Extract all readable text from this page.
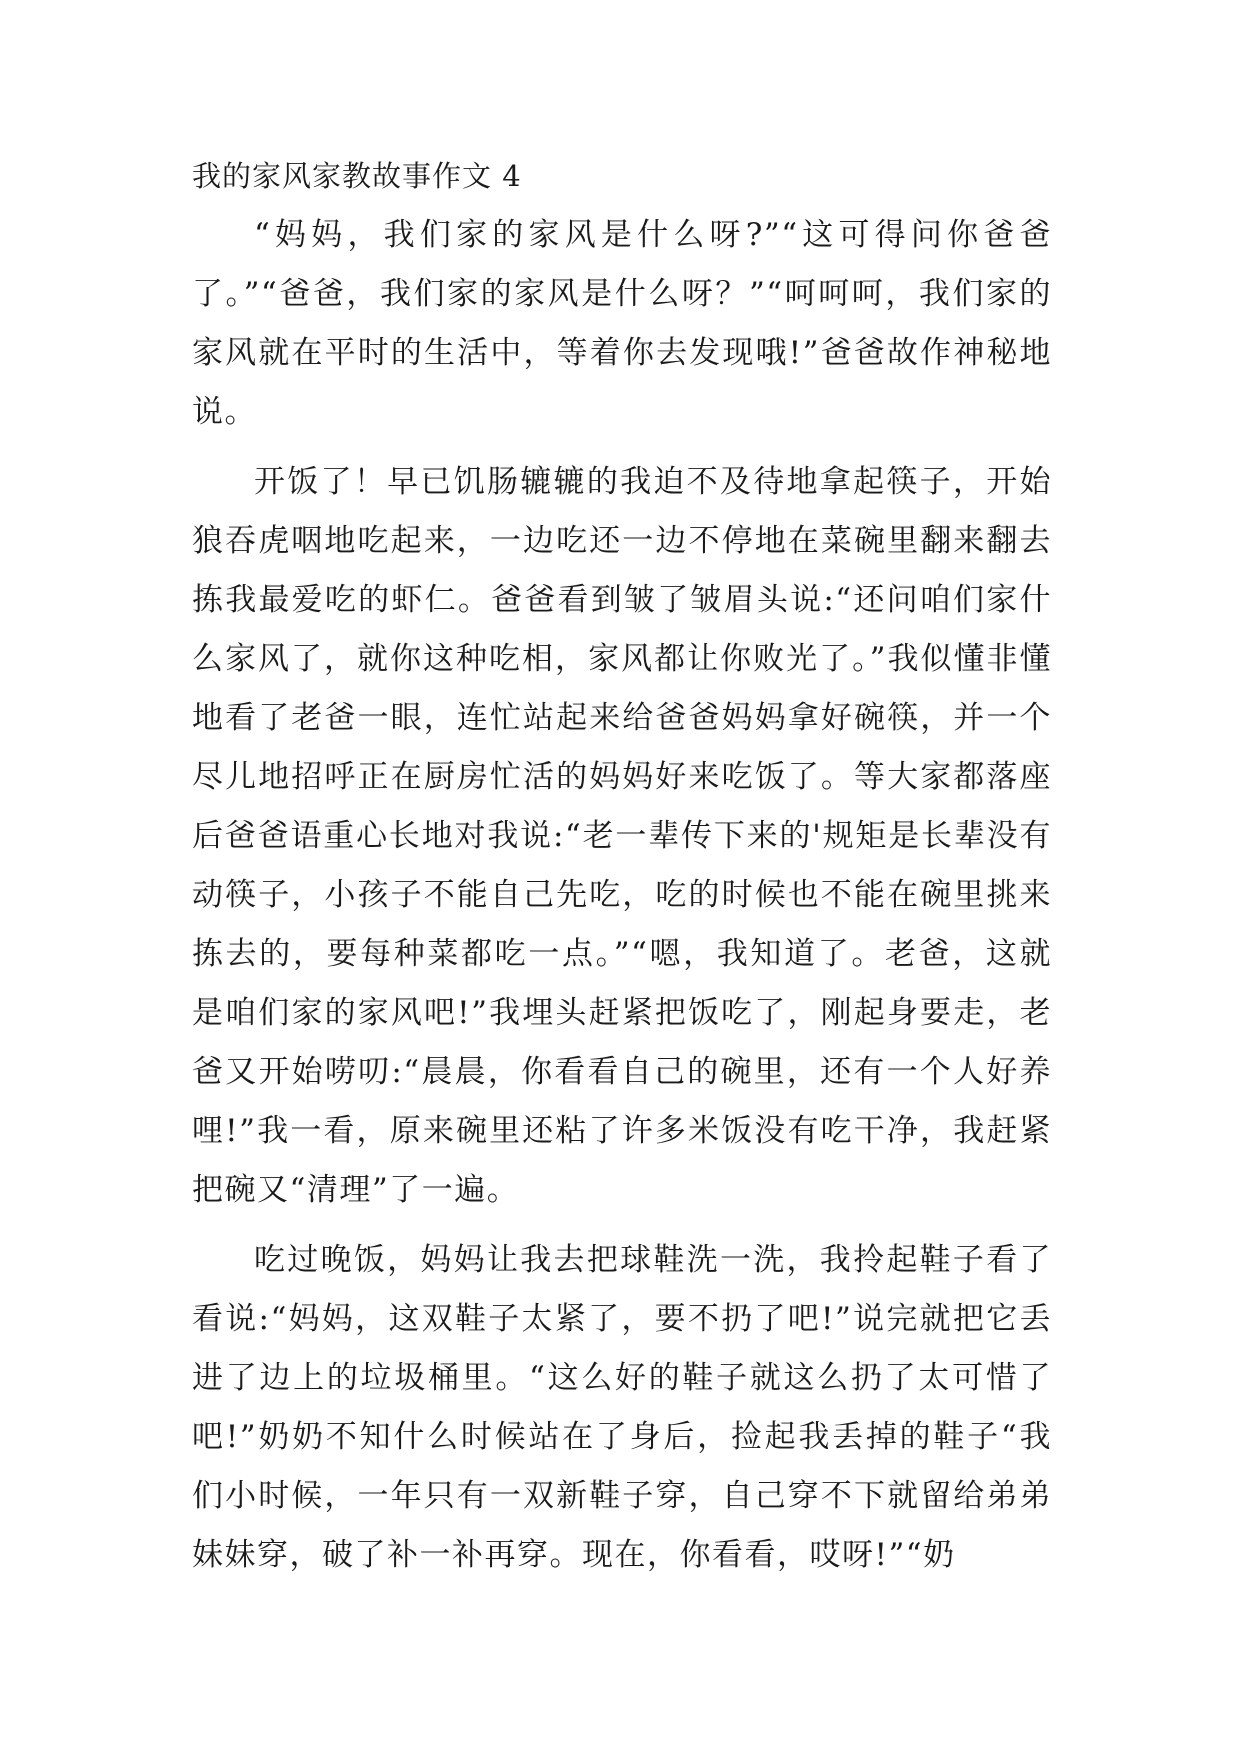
我的家风家教故事作文 4

“妈妈，我们家的家风是什么呀?”“这可得问你爸爸了。”“爸爸，我们家的家风是什么呀？”“呵呵呵，我们家的家风就在平时的生活中，等着你去发现哦!”爸爸故作神秘地说。

开饭了！早已饥肠辘辘的我迫不及待地拿起筷子，开始狼吞虎咽地吃起来，一边吃还一边不停地在菜碗里翻来翻去拣我最爱吃的虾仁。爸爸看到皱了皱眉头说:“还问咱们家什么家风了，就你这种吃相，家风都让你败光了。”我似懂非懂地看了老爸一眼，连忙站起来给爸爸妈妈拿好碗筷，并一个尽儿地招呼正在厨房忙活的妈妈好来吃饭了。等大家都落座后爸爸语重心长地对我说:“老一辈传下来的'规矩是长辈没有动筷子，小孩子不能自己先吃，吃的时候也不能在碗里挑来拣去的，要每种菜都吃一点。”“嗯，我知道了。老爸，这就是咱们家的家风吧!”我埋头赶紧把饭吃了，刚起身要走，老爸又开始唠叨:“晨晨，你看看自己的碗里，还有一个人好养哩!”我一看，原来碗里还粘了许多米饭没有吃干净，我赶紧把碗又“清理”了一遍。

吃过晚饭，妈妈让我去把球鞋洗一洗，我拎起鞋子看了看说:“妈妈，这双鞋子太紧了，要不扔了吧!”说完就把它丢进了边上的垃圾桶里。“这么好的鞋子就这么扔了太可惜了吧!”奶奶不知什么时候站在了身后，捡起我丢掉的鞋子“我们小时候，一年只有一双新鞋子穿，自己穿不下就留给弟弟妹妹穿，破了补一补再穿。现在，你看看，哎呀!”“奶
